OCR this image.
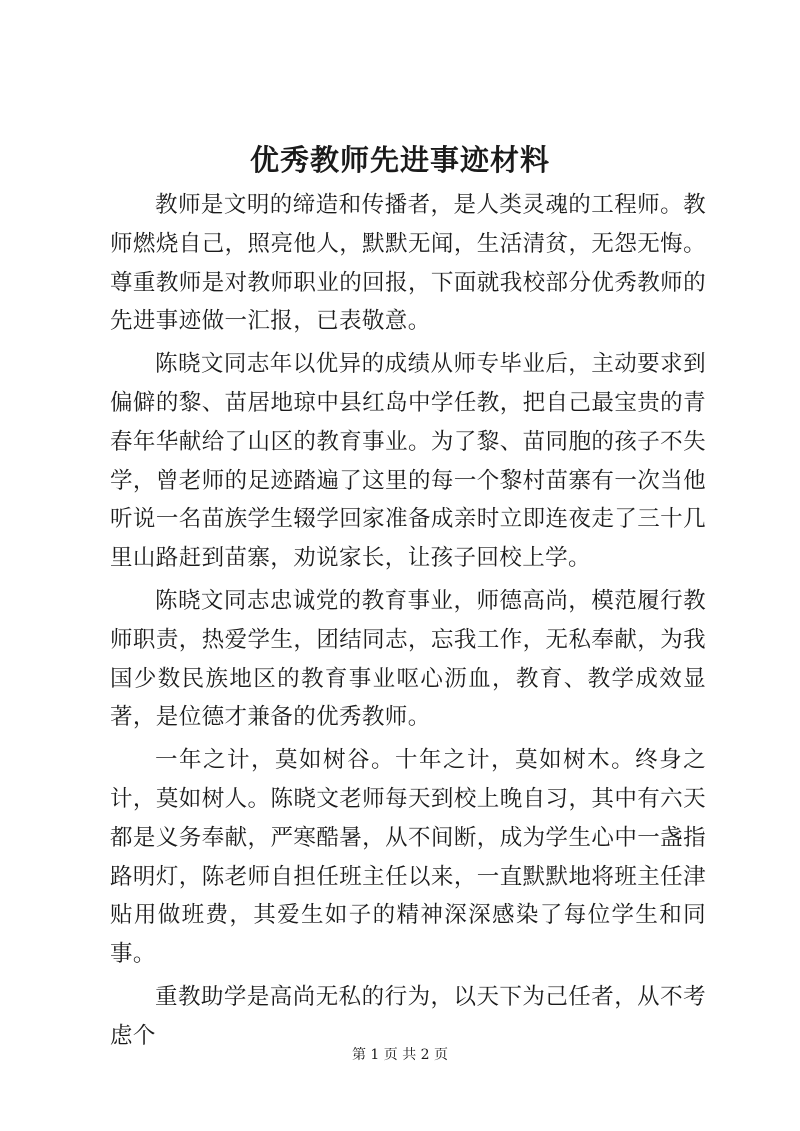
优秀教师先进事迹材料

教师是文明的缔造和传播者，是人类灵魂的工程师。教师燃烧自己，照亮他人，默默无闻，生活清贫，无怨无悔。尊重教师是对教师职业的回报，下面就我校部分优秀教师的先进事迹做一汇报，已表敬意。

陈晓文同志年以优异的成绩从师专毕业后，主动要求到偏僻的黎、苗居地琼中县红岛中学任教，把自己最宝贵的青春年华献给了山区的教育事业。为了黎、苗同胞的孩子不失学，曾老师的足迹踏遍了这里的每一个黎村苗寨有一次当他听说一名苗族学生辍学回家准备成亲时立即连夜走了三十几里山路赶到苗寨，劝说家长，让孩子回校上学。

陈晓文同志忠诚党的教育事业，师德高尚，模范履行教师职责，热爱学生，团结同志，忘我工作，无私奉献，为我国少数民族地区的教育事业呕心沥血，教育、教学成效显著，是位德才兼备的优秀教师。

一年之计，莫如树谷。十年之计，莫如树木。终身之计，莫如树人。陈晓文老师每天到校上晚自习，其中有六天都是义务奉献，严寒酷暑，从不间断，成为学生心中一盏指路明灯，陈老师自担任班主任以来，一直默默地将班主任津贴用做班费，其爱生如子的精神深深感染了每位学生和同事。

重教助学是高尚无私的行为，以天下为己任者，从不考虑个

第 1 页 共 2 页
